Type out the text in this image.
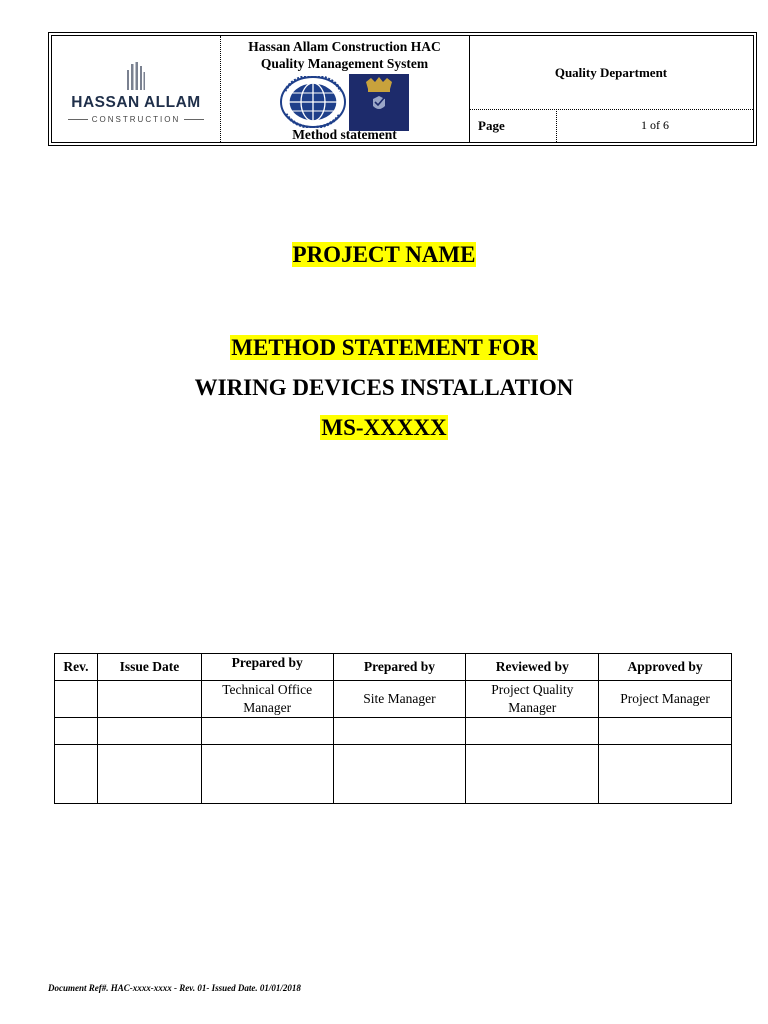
HASSAN ALLAM
CONSTRUCTION
Hassan Allam Construction HAC
Quality Management System
Method statement
Quality Department
Page	1 of 6
PROJECT NAME
METHOD STATEMENT FOR
WIRING DEVICES INSTALLATION
MS-XXXXX
Rev.	Issue Date	Prepared by	Prepared by	Reviewed by	Approved by
		Technical Office Manager	Site Manager	Project Quality Manager	Project Manager

Document Ref#. HAC-xxxx-xxxx - Rev. 01- Issued Date. 01/01/2018
